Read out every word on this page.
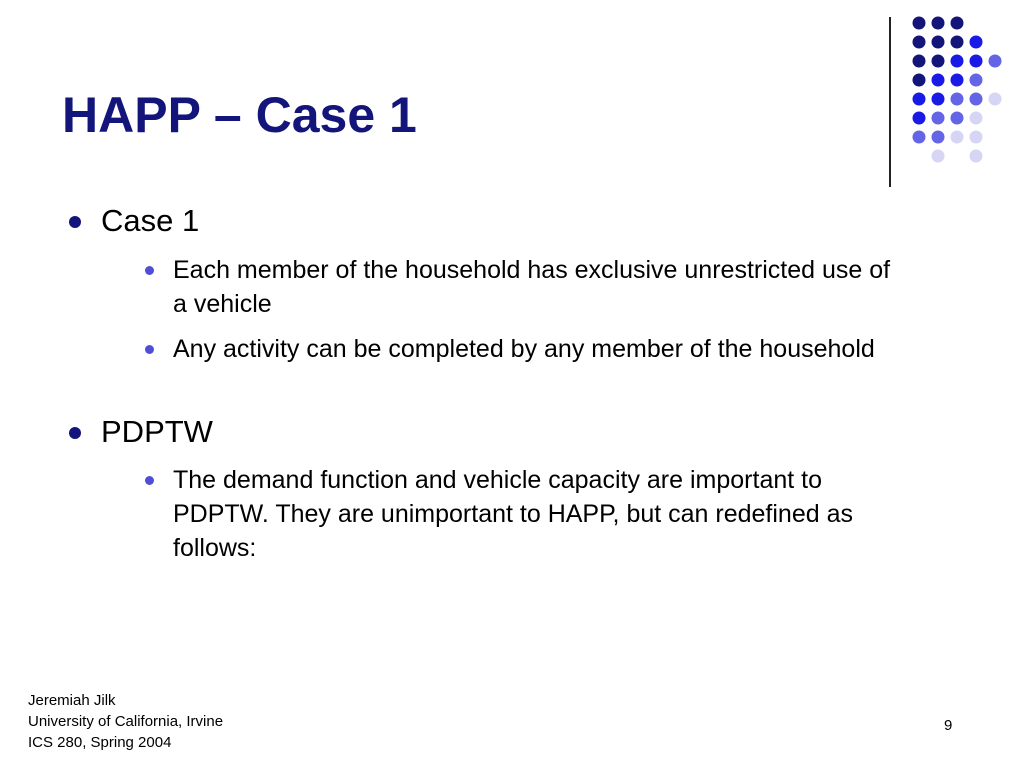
HAPP – Case 1
Case 1
Each member of the household has exclusive unrestricted use of a vehicle
Any activity can be completed by any member of the household
PDPTW
The demand function and vehicle capacity are important to PDPTW. They are unimportant to HAPP, but can redefined as follows:
Jeremiah Jilk
University of California, Irvine
ICS 280, Spring 2004
9
